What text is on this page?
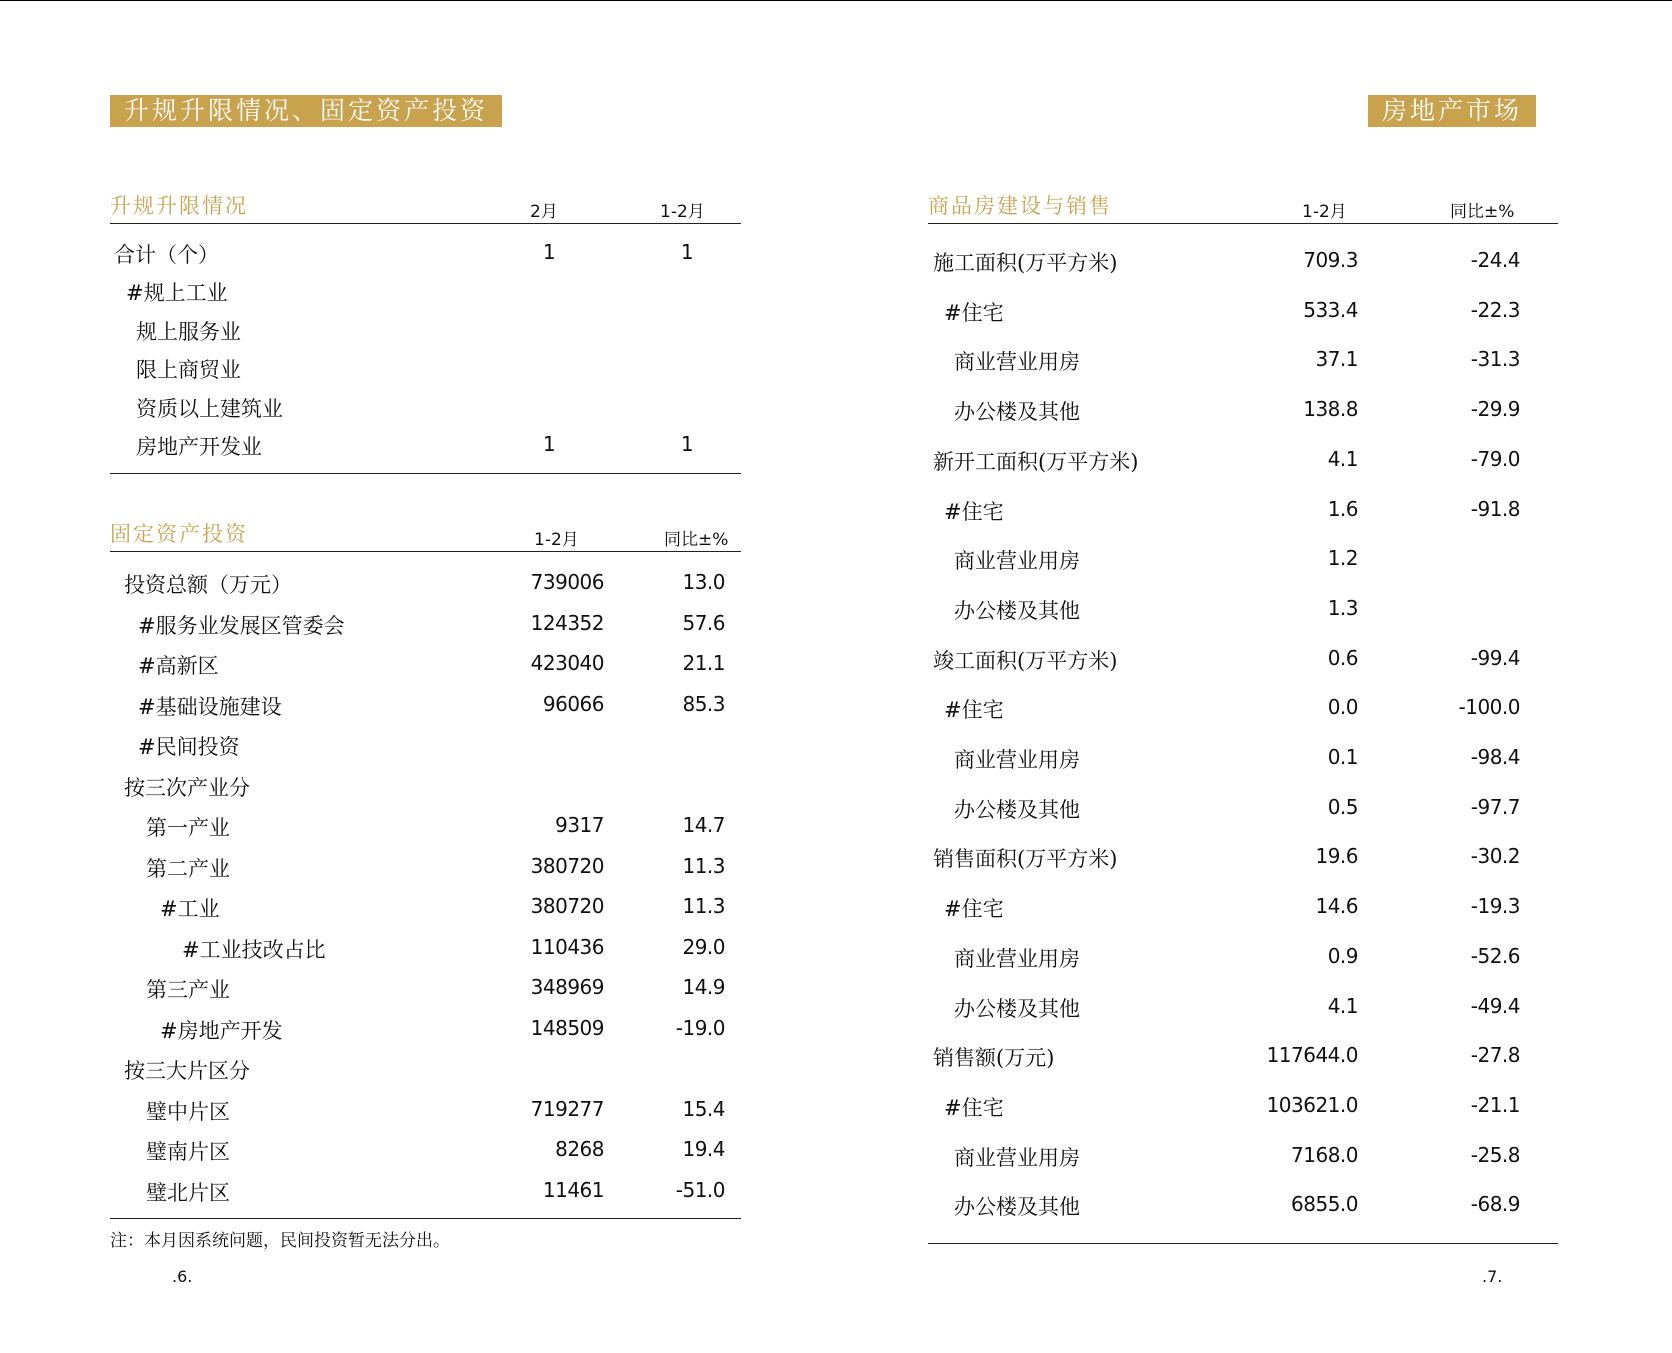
升规升限情况、固定资产投资	房地产市场
升规升限情况	2月	1-2月
合计（个）	1	1
#规上工业
规上服务业
限上商贸业
资质以上建筑业
房地产开发业	1	1
固定资产投资	1-2月	同比±%
投资总额（万元）	739006	13.0
#服务业发展区管委会	124352	57.6
#高新区	423040	21.1
#基础设施建设	96066	85.3
#民间投资
按三次产业分
第一产业	9317	14.7
第二产业	380720	11.3
#工业	380720	11.3
#工业技改占比	110436	29.0
第三产业	348969	14.9
#房地产开发	148509	-19.0
按三大片区分
璧中片区	719277	15.4
璧南片区	8268	19.4
璧北片区	11461	-51.0
注：本月因系统问题，民间投资暂无法分出。
商品房建设与销售	1-2月	同比±%
施工面积(万平方米)	709.3	-24.4
#住宅	533.4	-22.3
商业营业用房	37.1	-31.3
办公楼及其他	138.8	-29.9
新开工面积(万平方米)	4.1	-79.0
#住宅	1.6	-91.8
商业营业用房	1.2
办公楼及其他	1.3
竣工面积(万平方米)	0.6	-99.4
#住宅	0.0	-100.0
商业营业用房	0.1	-98.4
办公楼及其他	0.5	-97.7
销售面积(万平方米)	19.6	-30.2
#住宅	14.6	-19.3
商业营业用房	0.9	-52.6
办公楼及其他	4.1	-49.4
销售额(万元)	117644.0	-27.8
#住宅	103621.0	-21.1
商业营业用房	7168.0	-25.8
办公楼及其他	6855.0	-68.9
.6.	.7.
